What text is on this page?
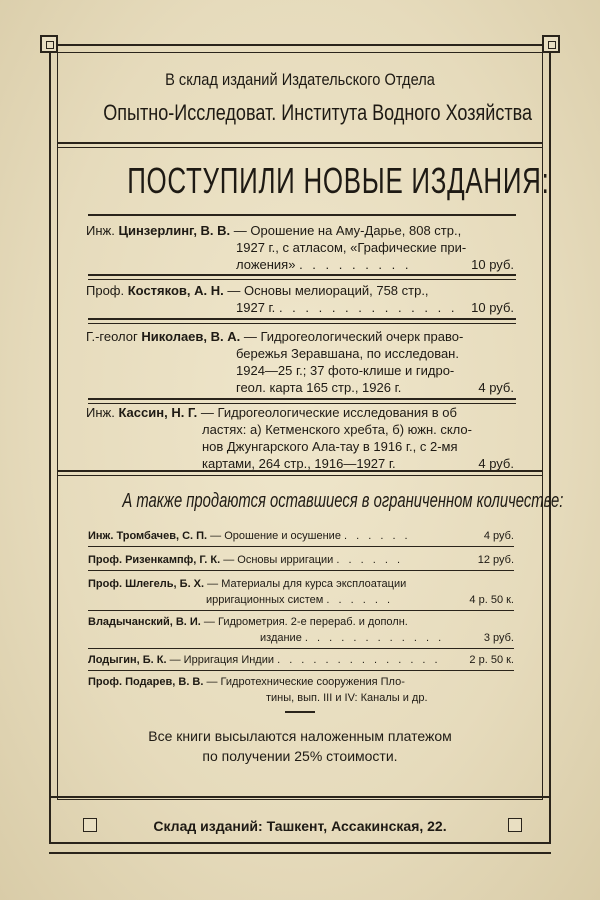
В склад изданий Издательского Отдела
Опытно-Исследоват. Института Водного Хозяйства
ПОСТУПИЛИ НОВЫЕ ИЗДАНИЯ:
Инж. Цинзерлинг, В. В. — Орошение на Аму-Дарье, 808 стр.,
1927 г., с атласом, «Графические при-
ложения» . . . . . . . . .	10 руб.
Проф. Костяков, А. Н. — Основы мелиораций, 758 стр.,
1927 г. . . . . . . . . . . . . . . 10 руб.
Г.-геолог Николаев, В. А. — Гидрогеологический очерк право-
бережья Зеравшана, по исследован.
1924—25 г.; 37 фото-клише и гидро-
геол. карта 165 стр., 1926 г.	4 руб.
Инж. Кассин, Н. Г. — Гидрогеологические исследования в об
ластях: а) Кетменского хребта, б) южн. скло-
нов Джунгарского Ала-тау в 1916 г., с 2-мя
картами, 264 стр., 1916—1927 г.	4 руб.
А также продаются оставшиеся в ограниченном количестве:
Инж. Тромбачев, С. П. — Орошение и осушение . . . . . .	4 руб.
Проф. Ризенкампф, Г. К. — Основы ирригации . . . . . .	12 руб.
Проф. Шлегель, Б. Х. — Материалы для курса эксплоатации
ирригационных систем . . . . . .	4 р. 50 к.
Владычанский, В. И. — Гидрометрия. 2-е перераб. и дополн.
издание . . . . . . . . . . . .	3 руб.
Лодыгин, Б. К. — Ирригация Индии . . . . . . . . . . . . . .	2 р. 50 к.
Проф. Подарев, В. В. — Гидротехнические сооружения Пло-
тины, вып. III и IV: Каналы и др.
Все книги высылаются наложенным платежом
по получении 25% стоимости.
Склад изданий: Ташкент, Ассакинская, 22.
